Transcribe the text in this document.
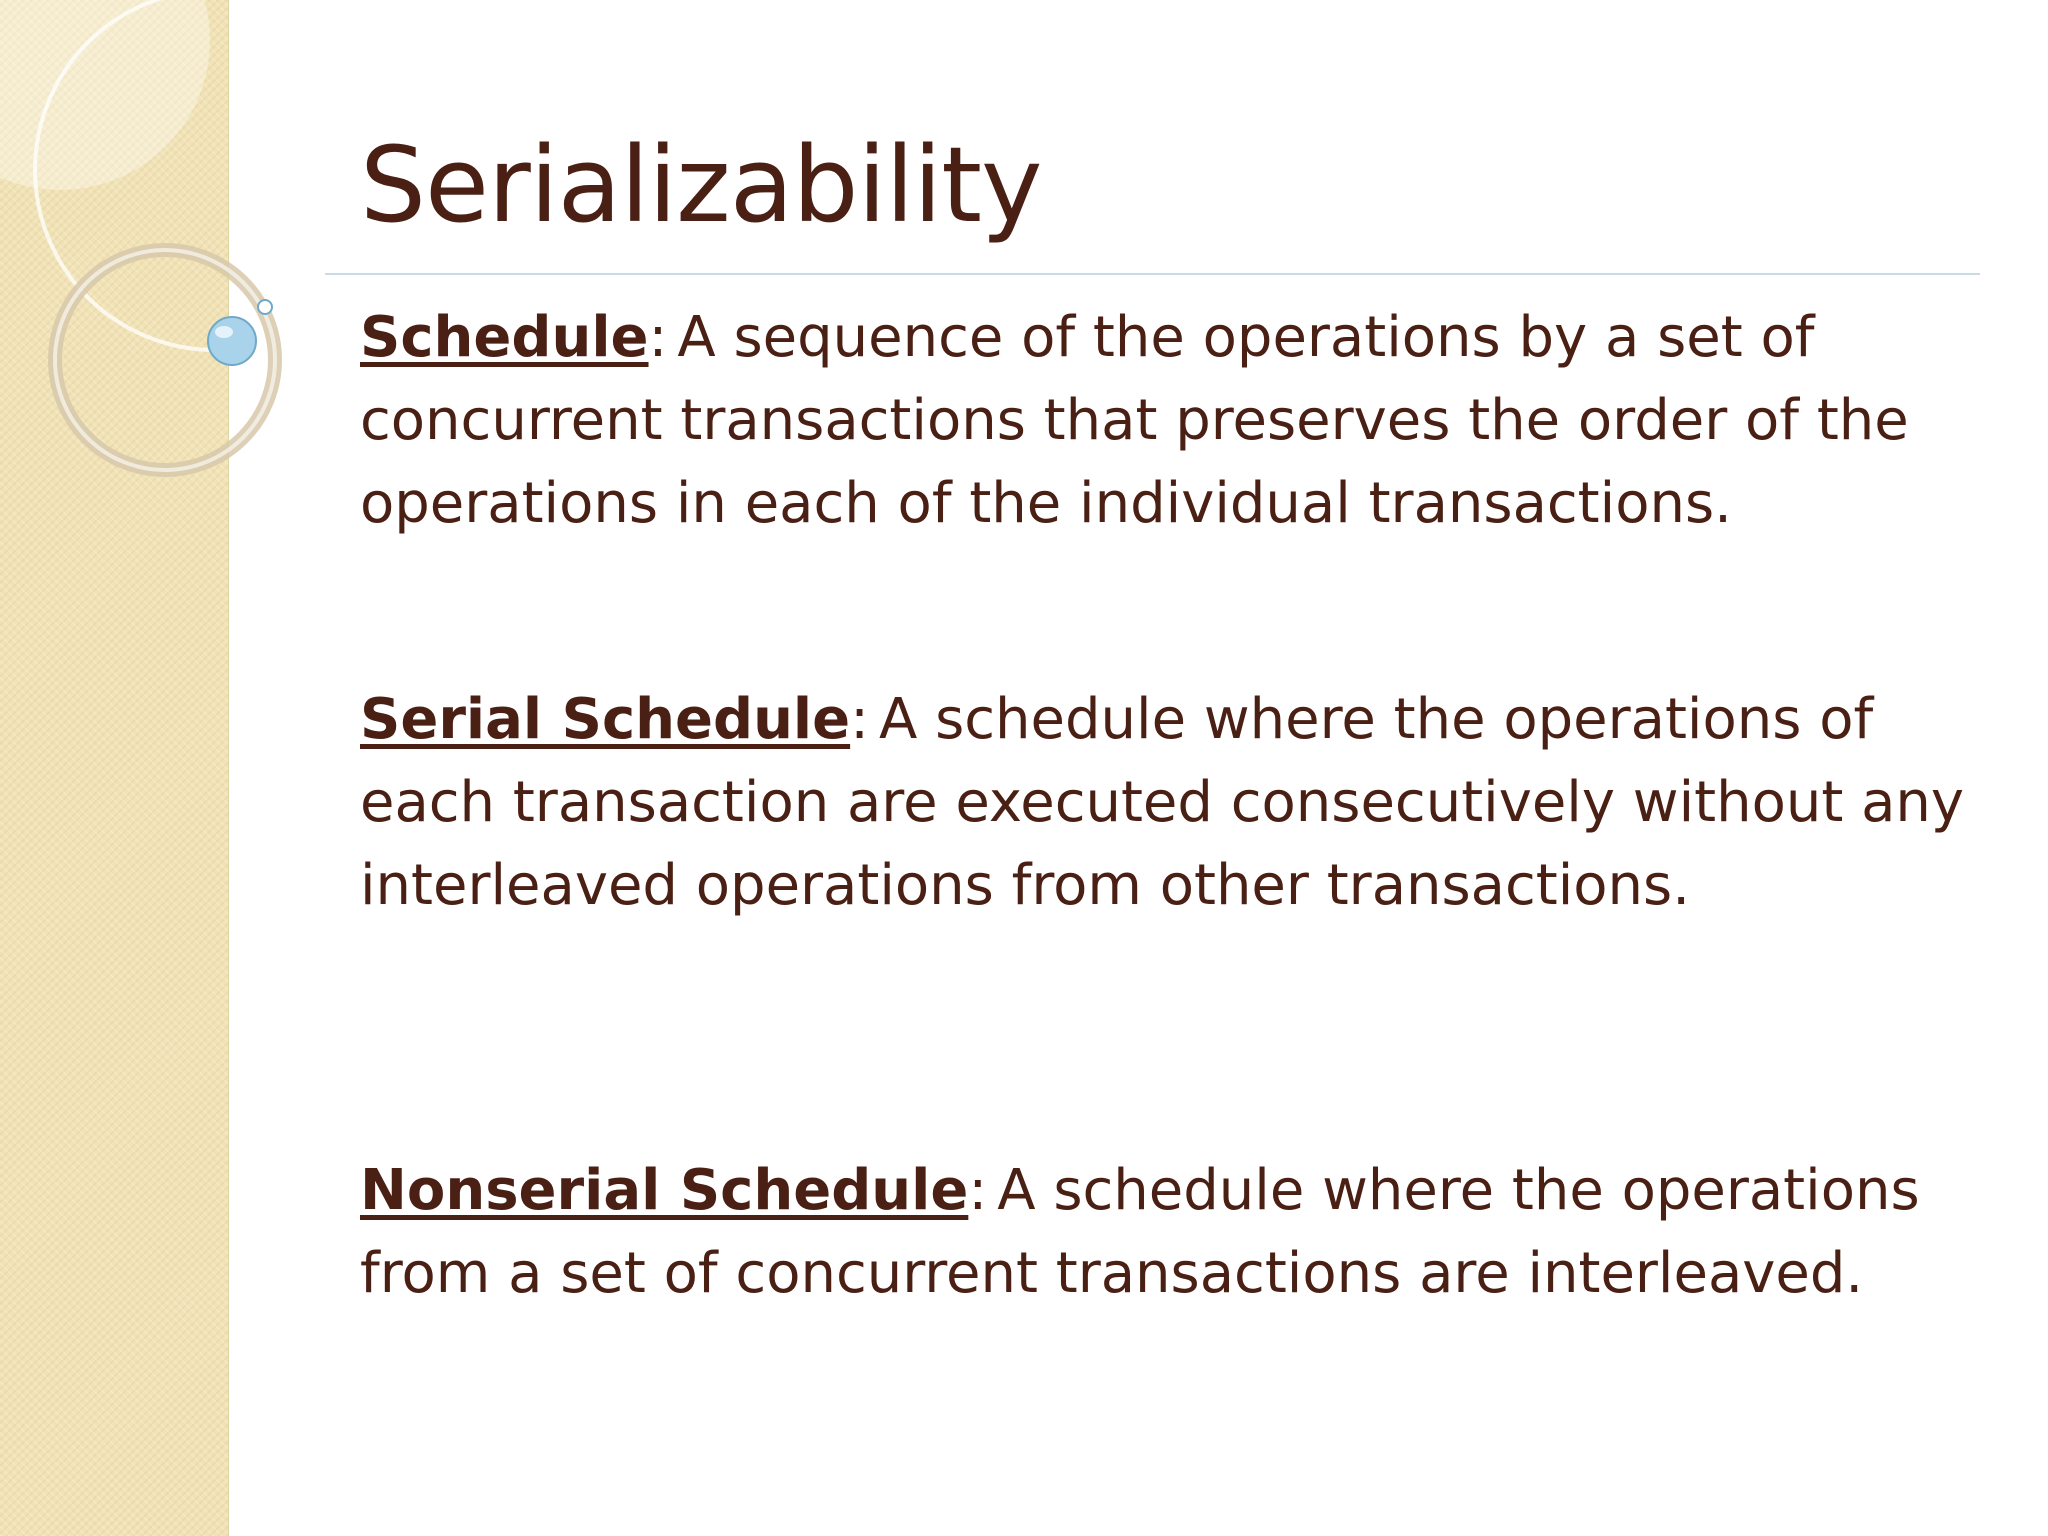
Serializability

Schedule: A sequence of the operations by a set of concurrent transactions that preserves the order of the operations in each of the individual transactions.

Serial Schedule: A schedule where the operations of each transaction are executed consecutively without any interleaved operations from other transactions.

Nonserial Schedule: A schedule where the operations from a set of concurrent transactions are interleaved.
